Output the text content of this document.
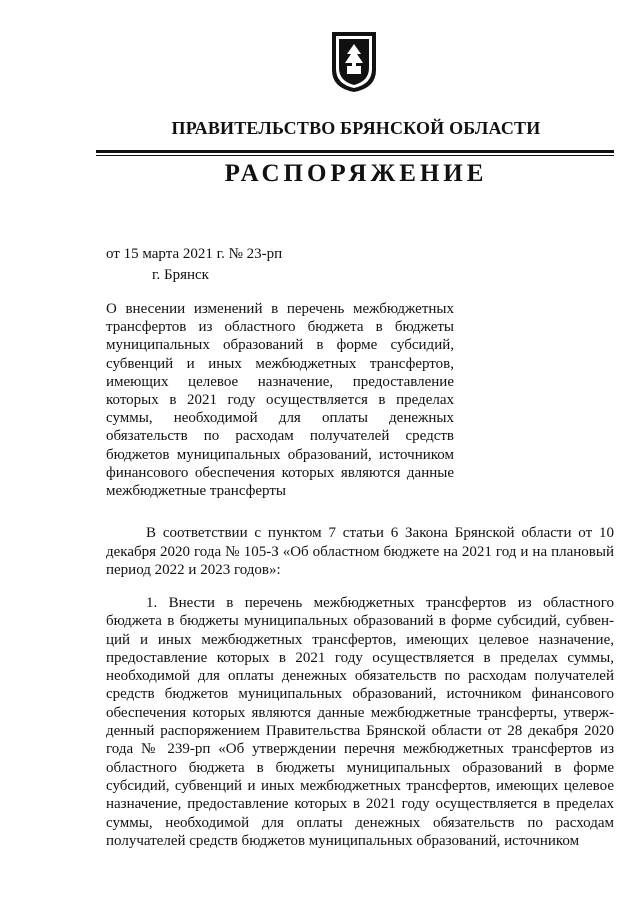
ПРАВИТЕЛЬСТВО БРЯНСКОЙ ОБЛАСТИ
РАСПОРЯЖЕНИЕ
от 15 марта 2021 г. № 23-рп
г. Брянск
О внесении изменений в перечень межбюджетных трансфертов из областного бюджета в бюджеты муниципальных образований в форме субсидий, субвенций и иных межбюджетных трансфертов, имеющих целевое назначение, предоставление которых в 2021 году осуществляется в пределах суммы, необходимой для оплаты денежных обязательств по расходам получателей средств бюджетов муниципальных образований, источником финансового обеспечения которых являются данные межбюджетные трансферты
В соответствии с пунктом 7 статьи 6 Закона Брянской области от 10 декабря 2020 года № 105-З «Об областном бюджете на 2021 год и на плановый период 2022 и 2023 годов»:
1. Внести в перечень межбюджетных трансфертов из областного бюджета в бюджеты муниципальных образований в форме субсидий, субвен-ций и иных межбюджетных трансфертов, имеющих целевое назначение, предоставление которых в 2021 году осуществляется в пределах суммы, необходимой для оплаты денежных обязательств по расходам получателей средств бюджетов муниципальных образований, источником финансового обеспечения которых являются данные межбюджетные трансферты, утверж-денный распоряжением Правительства Брянской области от 28 декабря 2020 года № 239-рп «Об утверждении перечня межбюджетных трансфертов из областного бюджета в бюджеты муниципальных образований в форме субсидий, субвенций и иных межбюджетных трансфертов, имеющих целевое назначение, предоставление которых в 2021 году осуществляется в пределах суммы, необходимой для оплаты денежных обязательств по расходам получателей средств бюджетов муниципальных образований, источником
